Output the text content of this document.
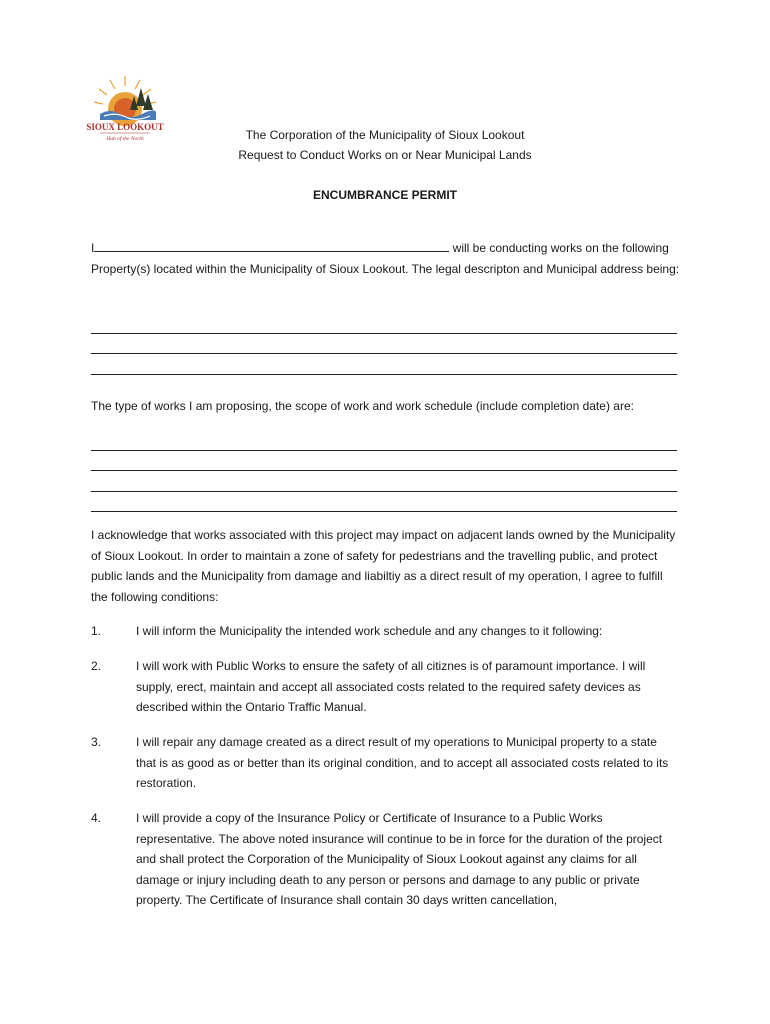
SIOUX LOOKOUT
Hub of the North	The Corporation of the Municipality of Sioux Lookout
Request to Conduct Works on or Near Municipal Lands
ENCUMBRANCE PERMIT
I	will be conducting works on the following Property(s) located within the Municipality of Sioux Lookout. The legal descripton and Municipal address being:
The type of works I am proposing, the scope of work and work schedule (include completion date) are:
I acknowledge that works associated with this project may impact on adjacent lands owned by the Municipality of Sioux Lookout. In order to maintain a zone of safety for pedestrians and the travelling public, and protect public lands and the Municipality from damage and liabiltiy as a direct result of my operation, I agree to fulfill the following conditions:
1.	I will inform the Municipality the intended work schedule and any changes to it following:
2.	I will work with Public Works to ensure the safety of all citiznes is of paramount importance. I will supply, erect, maintain and accept all associated costs related to the required safety devices as described within the Ontario Traffic Manual.
3.	I will repair any damage created as a direct result of my operations to Municipal property to a state that is as good as or better than its original condition, and to accept all associated costs related to its restoration.
4.	I will provide a copy of the Insurance Policy or Certificate of Insurance to a Public Works representative. The above noted insurance will continue to be in force for the duration of the project and shall protect the Corporation of the Municipality of Sioux Lookout against any claims for all damage or injury including death to any person or persons and damage to any public or private property. The Certificate of Insurance shall contain 30 days written cancellation,
